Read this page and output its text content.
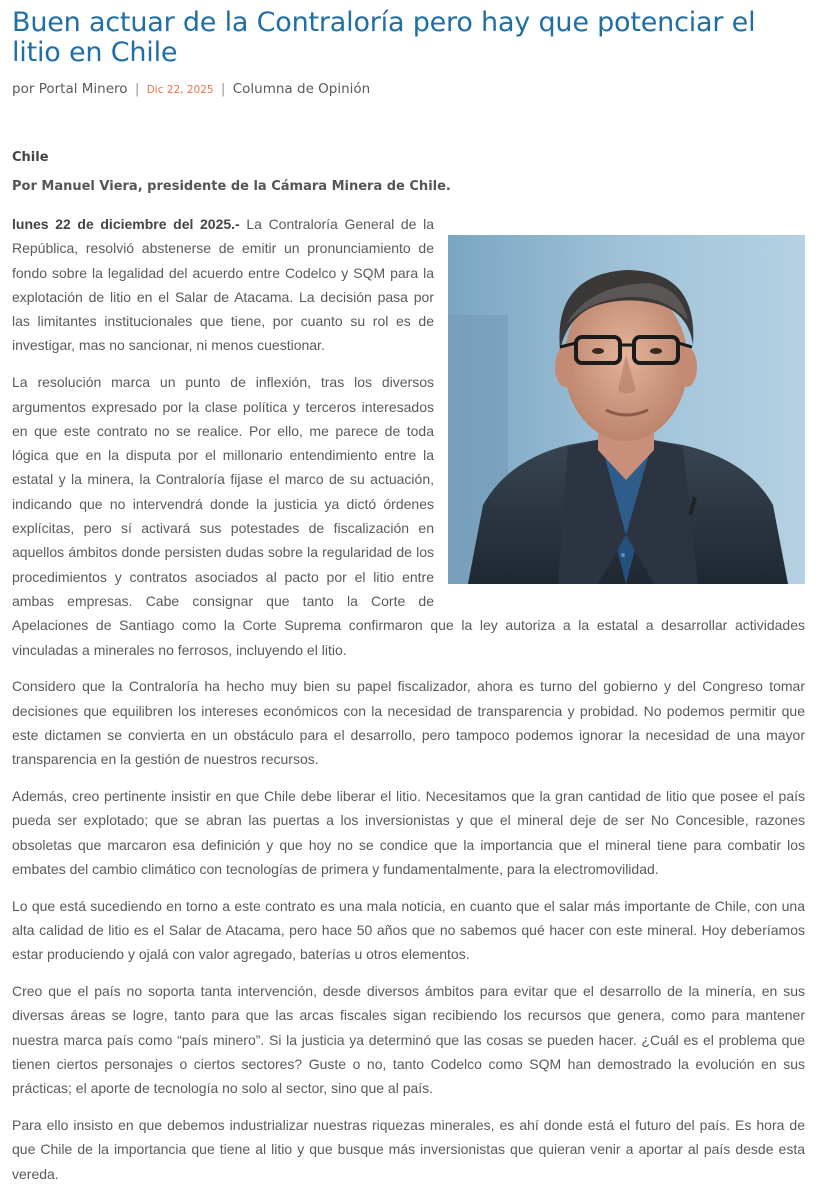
Buen actuar de la Contraloría pero hay que potenciar el litio en Chile
por Portal Minero | Dic 22, 2025 | Columna de Opinión
Chile
Por Manuel Viera, presidente de la Cámara Minera de Chile.

lunes 22 de diciembre del 2025.- La Contraloría General de la República, resolvió abstenerse de emitir un pronunciamiento de fondo sobre la legalidad del acuerdo entre Codelco y SQM para la explotación de litio en el Salar de Atacama. La decisión pasa por las limitantes institucionales que tiene, por cuanto su rol es de investigar, mas no sancionar, ni menos cuestionar.

La resolución marca un punto de inflexión, tras los diversos argumentos expresado por la clase política y terceros interesados en que este contrato no se realice. Por ello, me parece de toda lógica que en la disputa por el millonario entendimiento entre la estatal y la minera, la Contraloría fijase el marco de su actuación, indicando que no intervendrá donde la justicia ya dictó órdenes explícitas, pero sí activará sus potestades de fiscalización en aquellos ámbitos donde persisten dudas sobre la regularidad de los procedimientos y contratos asociados al pacto por el litio entre ambas empresas. Cabe consignar que tanto la Corte de Apelaciones de Santiago como la Corte Suprema confirmaron que la ley autoriza a la estatal a desarrollar actividades vinculadas a minerales no ferrosos, incluyendo el litio.

Considero que la Contraloría ha hecho muy bien su papel fiscalizador, ahora es turno del gobierno y del Congreso tomar decisiones que equilibren los intereses económicos con la necesidad de transparencia y probidad. No podemos permitir que este dictamen se convierta en un obstáculo para el desarrollo, pero tampoco podemos ignorar la necesidad de una mayor transparencia en la gestión de nuestros recursos.

Además, creo pertinente insistir en que Chile debe liberar el litio. Necesitamos que la gran cantidad de litio que posee el país pueda ser explotado; que se abran las puertas a los inversionistas y que el mineral deje de ser No Concesible, razones obsoletas que marcaron esa definición y que hoy no se condice que la importancia que el mineral tiene para combatir los embates del cambio climático con tecnologías de primera y fundamentalmente, para la electromovilidad.

Lo que está sucediendo en torno a este contrato es una mala noticia, en cuanto que el salar más importante de Chile, con una alta calidad de litio es el Salar de Atacama, pero hace 50 años que no sabemos qué hacer con este mineral. Hoy deberíamos estar produciendo y ojalá con valor agregado, baterías u otros elementos.

Creo que el país no soporta tanta intervención, desde diversos ámbitos para evitar que el desarrollo de la minería, en sus diversas áreas se logre, tanto para que las arcas fiscales sigan recibiendo los recursos que genera, como para mantener nuestra marca país como “país minero”. Si la justicia ya determinó que las cosas se pueden hacer. ¿Cuál es el problema que tienen ciertos personajes o ciertos sectores? Guste o no, tanto Codelco como SQM han demostrado la evolución en sus prácticas; el aporte de tecnología no solo al sector, sino que al país.

Para ello insisto en que debemos industrializar nuestras riquezas minerales, es ahí donde está el futuro del país. Es hora de que Chile de la importancia que tiene al litio y que busque más inversionistas que quieran venir a aportar al país desde esta vereda.
